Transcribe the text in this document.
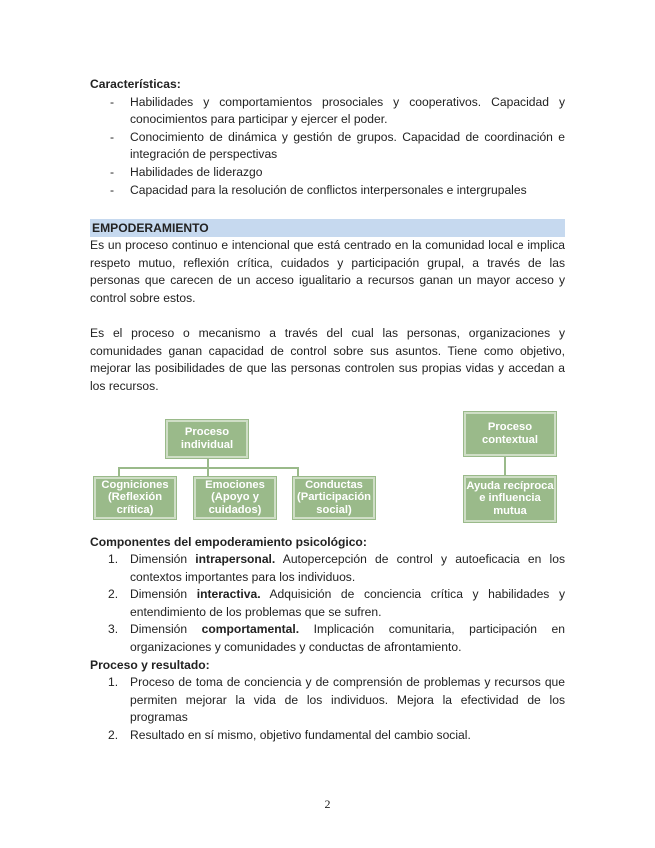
Características:
- Habilidades y comportamientos prosociales y cooperativos. Capacidad y conocimientos para participar y ejercer el poder.
- Conocimiento de dinámica y gestión de grupos. Capacidad de coordinación e integración de perspectivas
- Habilidades de liderazgo
- Capacidad para la resolución de conflictos interpersonales e intergrupales
EMPODERAMIENTO

Es un proceso continuo e intencional que está centrado en la comunidad local e implica respeto mutuo, reflexión crítica, cuidados y participación grupal, a través de las personas que carecen de un acceso igualitario a recursos ganan un mayor acceso y control sobre estos.

Es el proceso o mecanismo a través del cual las personas, organizaciones y comunidades ganan capacidad de control sobre sus asuntos. Tiene como objetivo, mejorar las posibilidades de que las personas controlen sus propias vidas y accedan a los recursos.

Proceso individual
Cogniciones (Reflexión crítica)
Emociones (Apoyo y cuidados)
Conductas (Participación social)
Proceso contextual
Ayuda recíproca e influencia mutua
Componentes del empoderamiento psicológico:
1. Dimensión intrapersonal. Autopercepción de control y autoeficacia en los contextos importantes para los individuos.
2. Dimensión interactiva. Adquisición de conciencia crítica y habilidades y entendimiento de los problemas que se sufren.
3. Dimensión comportamental. Implicación comunitaria, participación en organizaciones y comunidades y conductas de afrontamiento.
Proceso y resultado:
1. Proceso de toma de conciencia y de comprensión de problemas y recursos que permiten mejorar la vida de los individuos. Mejora la efectividad de los programas
2. Resultado en sí mismo, objetivo fundamental del cambio social.
2
